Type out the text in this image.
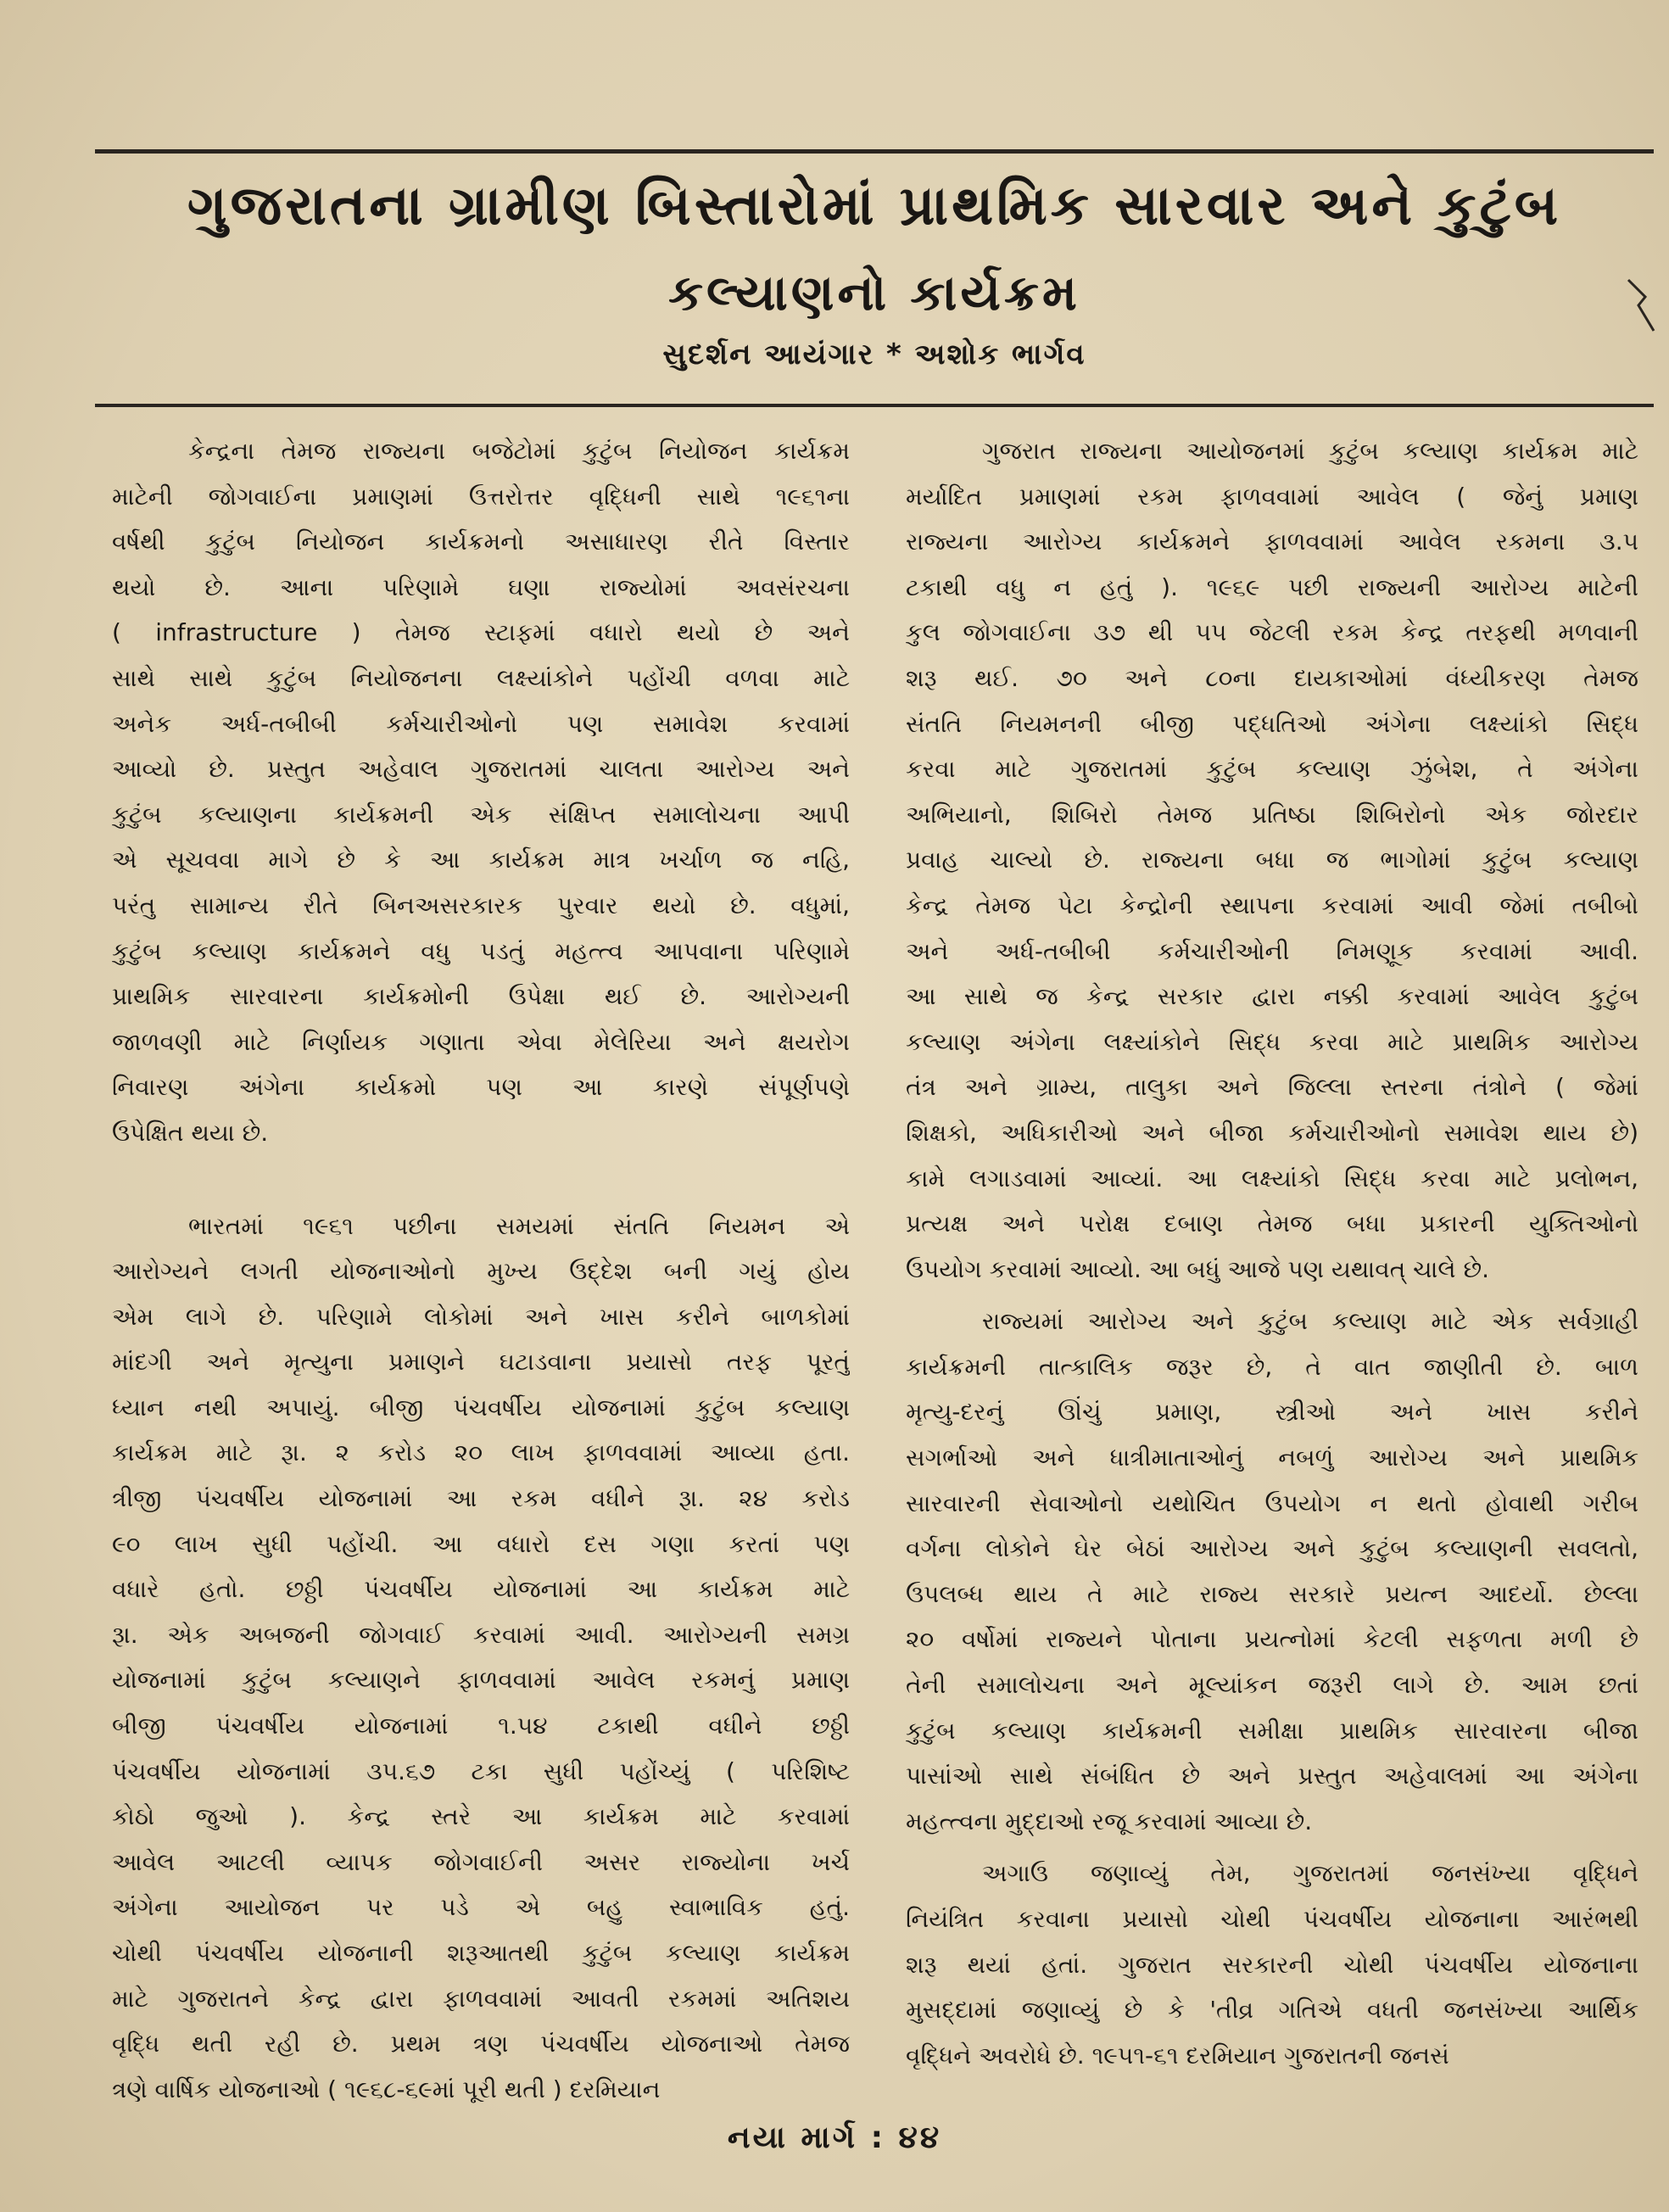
ગુજરાતના ગ્રામીણ બિસ્તારોમાં પ્રાથમિક સારવાર અને કુટુંબ
કલ્યાણનો કાર્યક્રમ
સુદર્શન આયંગાર * અશોક ભાર્ગવ
કેન્દ્રના તેમજ રાજ્યના બજેટોમાં કુટુંબ નિયોજન કાર્યક્રમ
માટેની જોગવાઈના પ્રમાણમાં ઉત્તરોત્તર વૃદ્ધિની સાથે ૧૯૬૧ના
વર્ષથી કુટુંબ નિયોજન કાર્યક્રમનો અસાધારણ રીતે વિસ્તાર
થયો છે. આના પરિણામે ઘણા રાજ્યોમાં અવસંરચના
( infrastructure ) તેમજ સ્ટાફમાં વધારો થયો છે અને
સાથે સાથે કુટુંબ નિયોજનના લક્ષ્યાંકોને પહોંચી વળવા માટે
અનેક અર્ધ-તબીબી કર્મચારીઓનો પણ સમાવેશ કરવામાં
આવ્યો છે. પ્રસ્તુત અહેવાલ ગુજરાતમાં ચાલતા આરોગ્ય અને
કુટુંબ કલ્યાણના કાર્યક્રમની એક સંક્ષિપ્ત સમાલોચના આપી
એ સૂચવવા માગે છે કે આ કાર્યક્રમ માત્ર ખર્ચાળ જ નહિ,
પરંતુ સામાન્ય રીતે બિનઅસરકારક પુરવાર થયો છે. વધુમાં,
કુટુંબ કલ્યાણ કાર્યક્રમને વધુ પડતું મહત્ત્વ આપવાના પરિણામે
પ્રાથમિક સારવારના કાર્યક્રમોની ઉપેક્ષા થઈ છે. આરોગ્યની
જાળવણી માટે નિર્ણાયક ગણાતા એવા મેલેરિયા અને ક્ષયરોગ
નિવારણ અંગેના કાર્યક્રમો પણ આ કારણે સંપૂર્ણપણે
ઉપેક્ષિત થયા છે.
ભારતમાં ૧૯૬૧ પછીના સમયમાં સંતતિ નિયમન એ
આરોગ્યને લગતી યોજનાઓનો મુખ્ય ઉદ્દેશ બની ગયું હોય
એમ લાગે છે. પરિણામે લોકોમાં અને ખાસ કરીને બાળકોમાં
માંદગી અને મૃત્યુના પ્રમાણને ઘટાડવાના પ્રયાસો તરફ પૂરતું
ધ્યાન નથી અપાયું. બીજી પંચવર્ષીય યોજનામાં કુટુંબ કલ્યાણ
કાર્યક્રમ માટે રૂા. ૨ કરોડ ૨૦ લાખ ફાળવવામાં આવ્યા હતા.
ત્રીજી પંચવર્ષીય યોજનામાં આ રકમ વધીને રૂા. ૨૪ કરોડ
૯૦ લાખ સુધી પહોંચી. આ વધારો દસ ગણા કરતાં પણ
વધારે હતો. છઠ્ઠી પંચવર્ષીય યોજનામાં આ કાર્યક્રમ માટે
રૂા. એક અબજની જોગવાઈ કરવામાં આવી. આરોગ્યની સમગ્ર
યોજનામાં કુટુંબ કલ્યાણને ફાળવવામાં આવેલ રકમનું પ્રમાણ
બીજી પંચવર્ષીય યોજનામાં ૧.૫૪ ટકાથી વધીને છઠ્ઠી
પંચવર્ષીય યોજનામાં ૩૫.૬૭ ટકા સુધી પહોંચ્યું ( પરિશિષ્ટ
કોઠો જુઓ ). કેન્દ્ર સ્તરે આ કાર્યક્રમ માટે કરવામાં
આવેલ આટલી વ્યાપક જોગવાઈની અસર રાજ્યોના ખર્ચ
અંગેના આયોજન પર પડે એ બહુ સ્વાભાવિક હતું.
ચોથી પંચવર્ષીય યોજનાની શરૂઆતથી કુટુંબ કલ્યાણ કાર્યક્રમ
માટે ગુજરાતને કેન્દ્ર દ્વારા ફાળવવામાં આવતી રકમમાં અતિશય
વૃદ્ધિ થતી રહી છે. પ્રથમ ત્રણ પંચવર્ષીય યોજનાઓ તેમજ
ત્રણે વાર્ષિક યોજનાઓ ( ૧૯૬૮-૬૯માં પૂરી થતી ) દરમિયાન
ગુજરાત રાજ્યના આયોજનમાં કુટુંબ કલ્યાણ કાર્યક્રમ માટે
મર્યાદિત પ્રમાણમાં રકમ ફાળવવામાં આવેલ ( જેનું પ્રમાણ
રાજ્યના આરોગ્ય કાર્યક્રમને ફાળવવામાં આવેલ રકમના ૩.૫
ટકાથી વધુ ન હતું ). ૧૯૬૯ પછી રાજ્યની આરોગ્ય માટેની
કુલ જોગવાઈના ૩૭ થી ૫૫ જેટલી રકમ કેન્દ્ર તરફથી મળવાની
શરૂ થઈ. ૭૦ અને ૮૦ના દાયકાઓમાં વંધ્યીકરણ તેમજ
સંતતિ નિયમનની બીજી પદ્ધતિઓ અંગેના લક્ષ્યાંકો સિદ્ધ
કરવા માટે ગુજરાતમાં કુટુંબ કલ્યાણ ઝુંબેશ, તે અંગેના
અભિયાનો, શિબિરો તેમજ પ્રતિષ્ઠા શિબિરોનો એક જોરદાર
પ્રવાહ ચાલ્યો છે. રાજ્યના બધા જ ભાગોમાં કુટુંબ કલ્યાણ
કેન્દ્ર તેમજ પેટા કેન્દ્રોની સ્થાપના કરવામાં આવી જેમાં તબીબો
અને અર્ધ-તબીબી કર્મચારીઓની નિમણૂક કરવામાં આવી.
આ સાથે જ કેન્દ્ર સરકાર દ્વારા નક્કી કરવામાં આવેલ કુટુંબ
કલ્યાણ અંગેના લક્ષ્યાંકોને સિદ્ધ કરવા માટે પ્રાથમિક આરોગ્ય
તંત્ર અને ગ્રામ્ય, તાલુકા અને જિલ્લા સ્તરના તંત્રોને ( જેમાં
શિક્ષકો, અધિકારીઓ અને બીજા કર્મચારીઓનો સમાવેશ થાય છે)
કામે લગાડવામાં આવ્યાં. આ લક્ષ્યાંકો સિદ્ધ કરવા માટે પ્રલોભન,
પ્રત્યક્ષ અને પરોક્ષ દબાણ તેમજ બધા પ્રકારની યુક્તિઓનો
ઉપયોગ કરવામાં આવ્યો. આ બધું આજે પણ યથાવત્ ચાલે છે.
રાજ્યમાં આરોગ્ય અને કુટુંબ કલ્યાણ માટે એક સર્વગ્રાહી
કાર્યક્રમની તાત્કાલિક જરૂર છે, તે વાત જાણીતી છે. બાળ
મૃત્યુ-દરનું ઊંચું પ્રમાણ, સ્ત્રીઓ અને ખાસ કરીને
સગર્ભાઓ અને ધાત્રીમાતાઓનું નબળું આરોગ્ય અને પ્રાથમિક
સારવારની સેવાઓનો યથોચિત ઉપયોગ ન થતો હોવાથી ગરીબ
વર્ગના લોકોને ઘેર બેઠાં આરોગ્ય અને કુટુંબ કલ્યાણની સવલતો,
ઉપલબ્ધ થાય તે માટે રાજ્ય સરકારે પ્રયત્ન આદર્યો. છેલ્લા
૨૦ વર્ષોમાં રાજ્યને પોતાના પ્રયત્નોમાં કેટલી સફળતા મળી છે
તેની સમાલોચના અને મૂલ્યાંકન જરૂરી લાગે છે. આમ છતાં
કુટુંબ કલ્યાણ કાર્યક્રમની સમીક્ષા પ્રાથમિક સારવારના બીજા
પાસાંઓ સાથે સંબંધિત છે અને પ્રસ્તુત અહેવાલમાં આ અંગેના
મહત્ત્વના મુદ્દાઓ રજૂ કરવામાં આવ્યા છે.
અગાઉ જણાવ્યું તેમ, ગુજરાતમાં જનસંખ્યા વૃદ્ધિને
નિયંત્રિત કરવાના પ્રયાસો ચોથી પંચવર્ષીય યોજનાના આરંભથી
શરૂ થયાં હતાં. ગુજરાત સરકારની ચોથી પંચવર્ષીય યોજનાના
મુસદ્દામાં જણાવ્યું છે કે 'તીવ્ર ગતિએ વધતી જનસંખ્યા આર્થિક
વૃદ્ધિને અવરોધે છે. ૧૯૫૧-૬૧ દરમિયાન ગુજરાતની જનસં
નયા માર્ગ : ૪૪
